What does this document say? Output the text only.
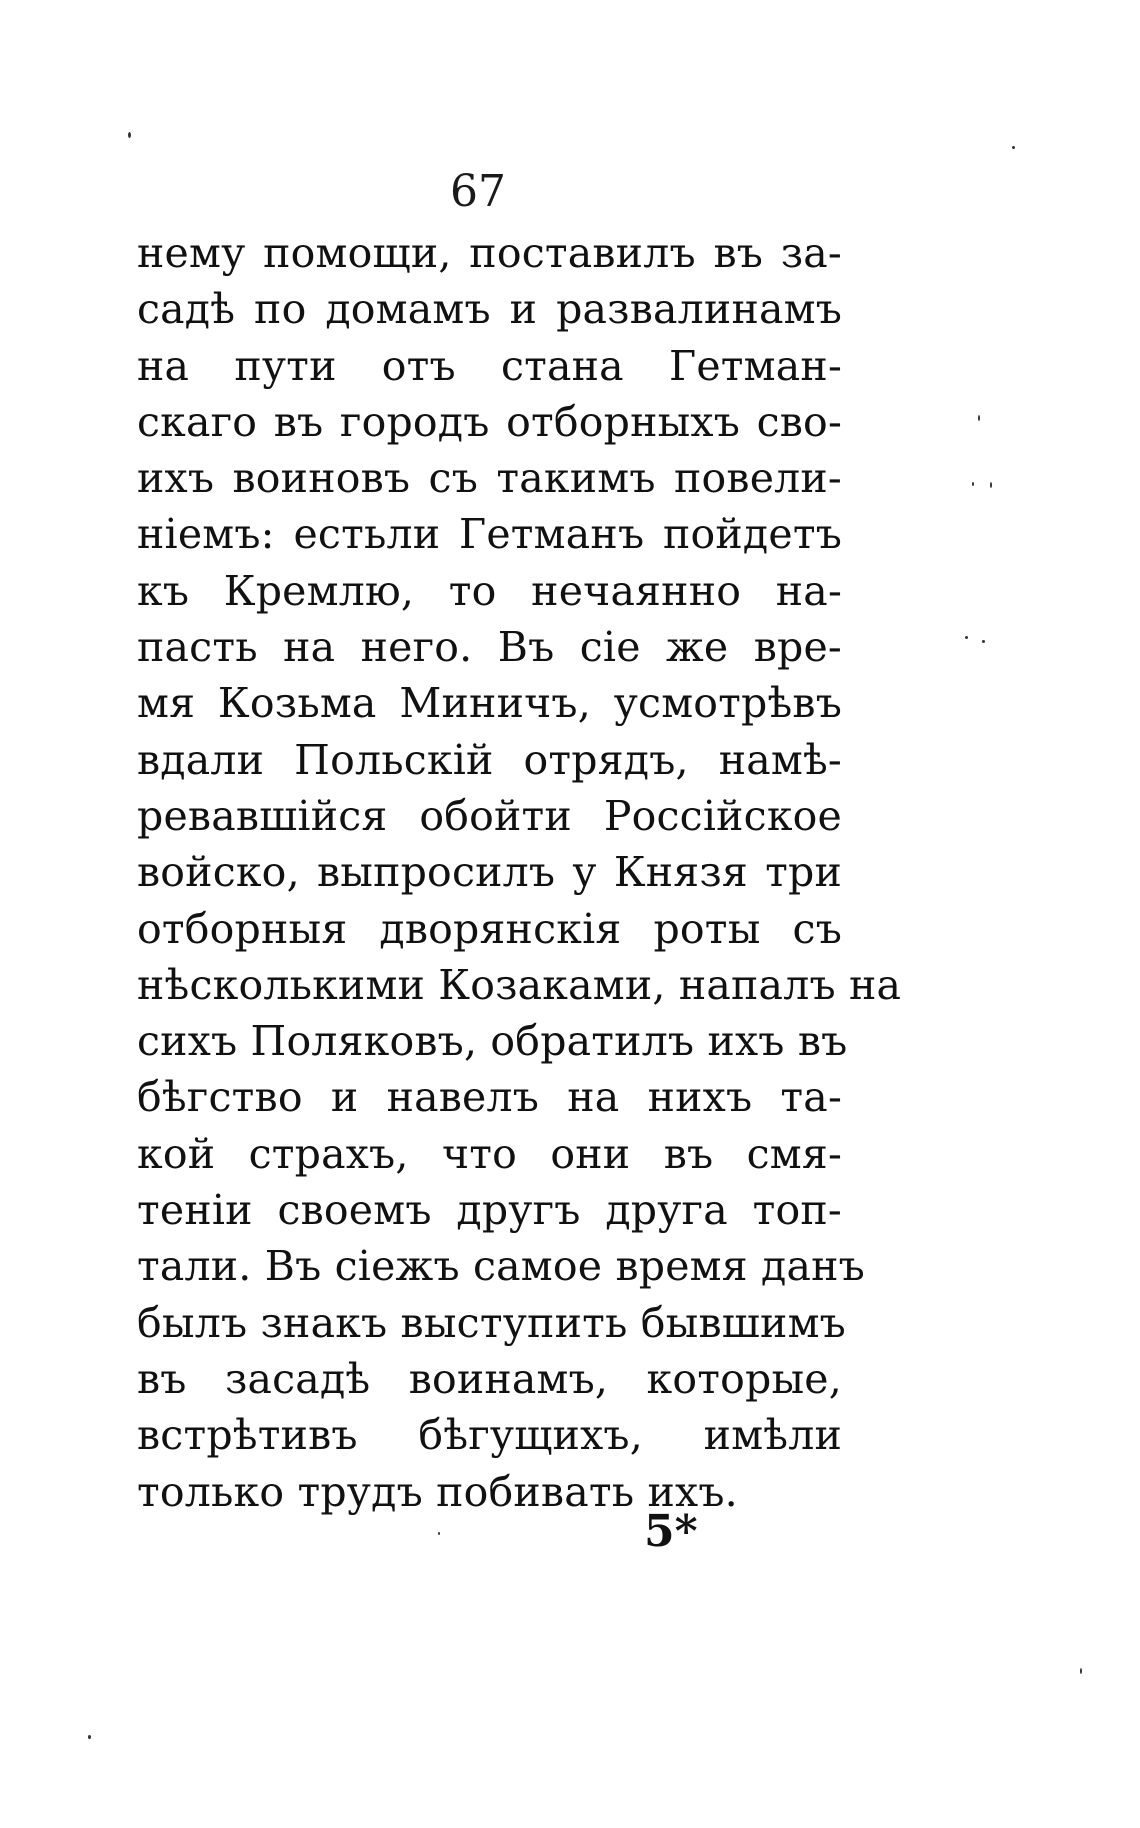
67
нему помощи, поставилъ въ за-
садѣ по домамъ и развалинамъ
на пути отъ стана Гетман-
скаго въ городъ отборныхъ сво-
ихъ воиновъ съ такимъ повели-
нiемъ: естьли Гетманъ пойдетъ
къ Кремлю, то нечаянно на-
пасть на него. Въ сiе же вре-
мя Козьма Миничъ, усмотрѣвъ
вдали Польскiй отрядъ, намѣ-
ревавшiйся обойти Россiйское
войско, выпросилъ у Князя три
отборныя дворянскiя роты съ
нѣсколькими Козаками, напалъ на
сихъ Поляковъ, обратилъ ихъ въ
бѣгство и навелъ на нихъ та-
кой страхъ, что они въ смя-
тенiи своемъ другъ друга топ-
тали. Въ сiежъ самое время данъ
былъ знакъ выступить бывшимъ
въ засадѣ воинамъ, которые,
встрѣтивъ бѣгущихъ, имѣли
только трудъ побивать ихъ.
5*
